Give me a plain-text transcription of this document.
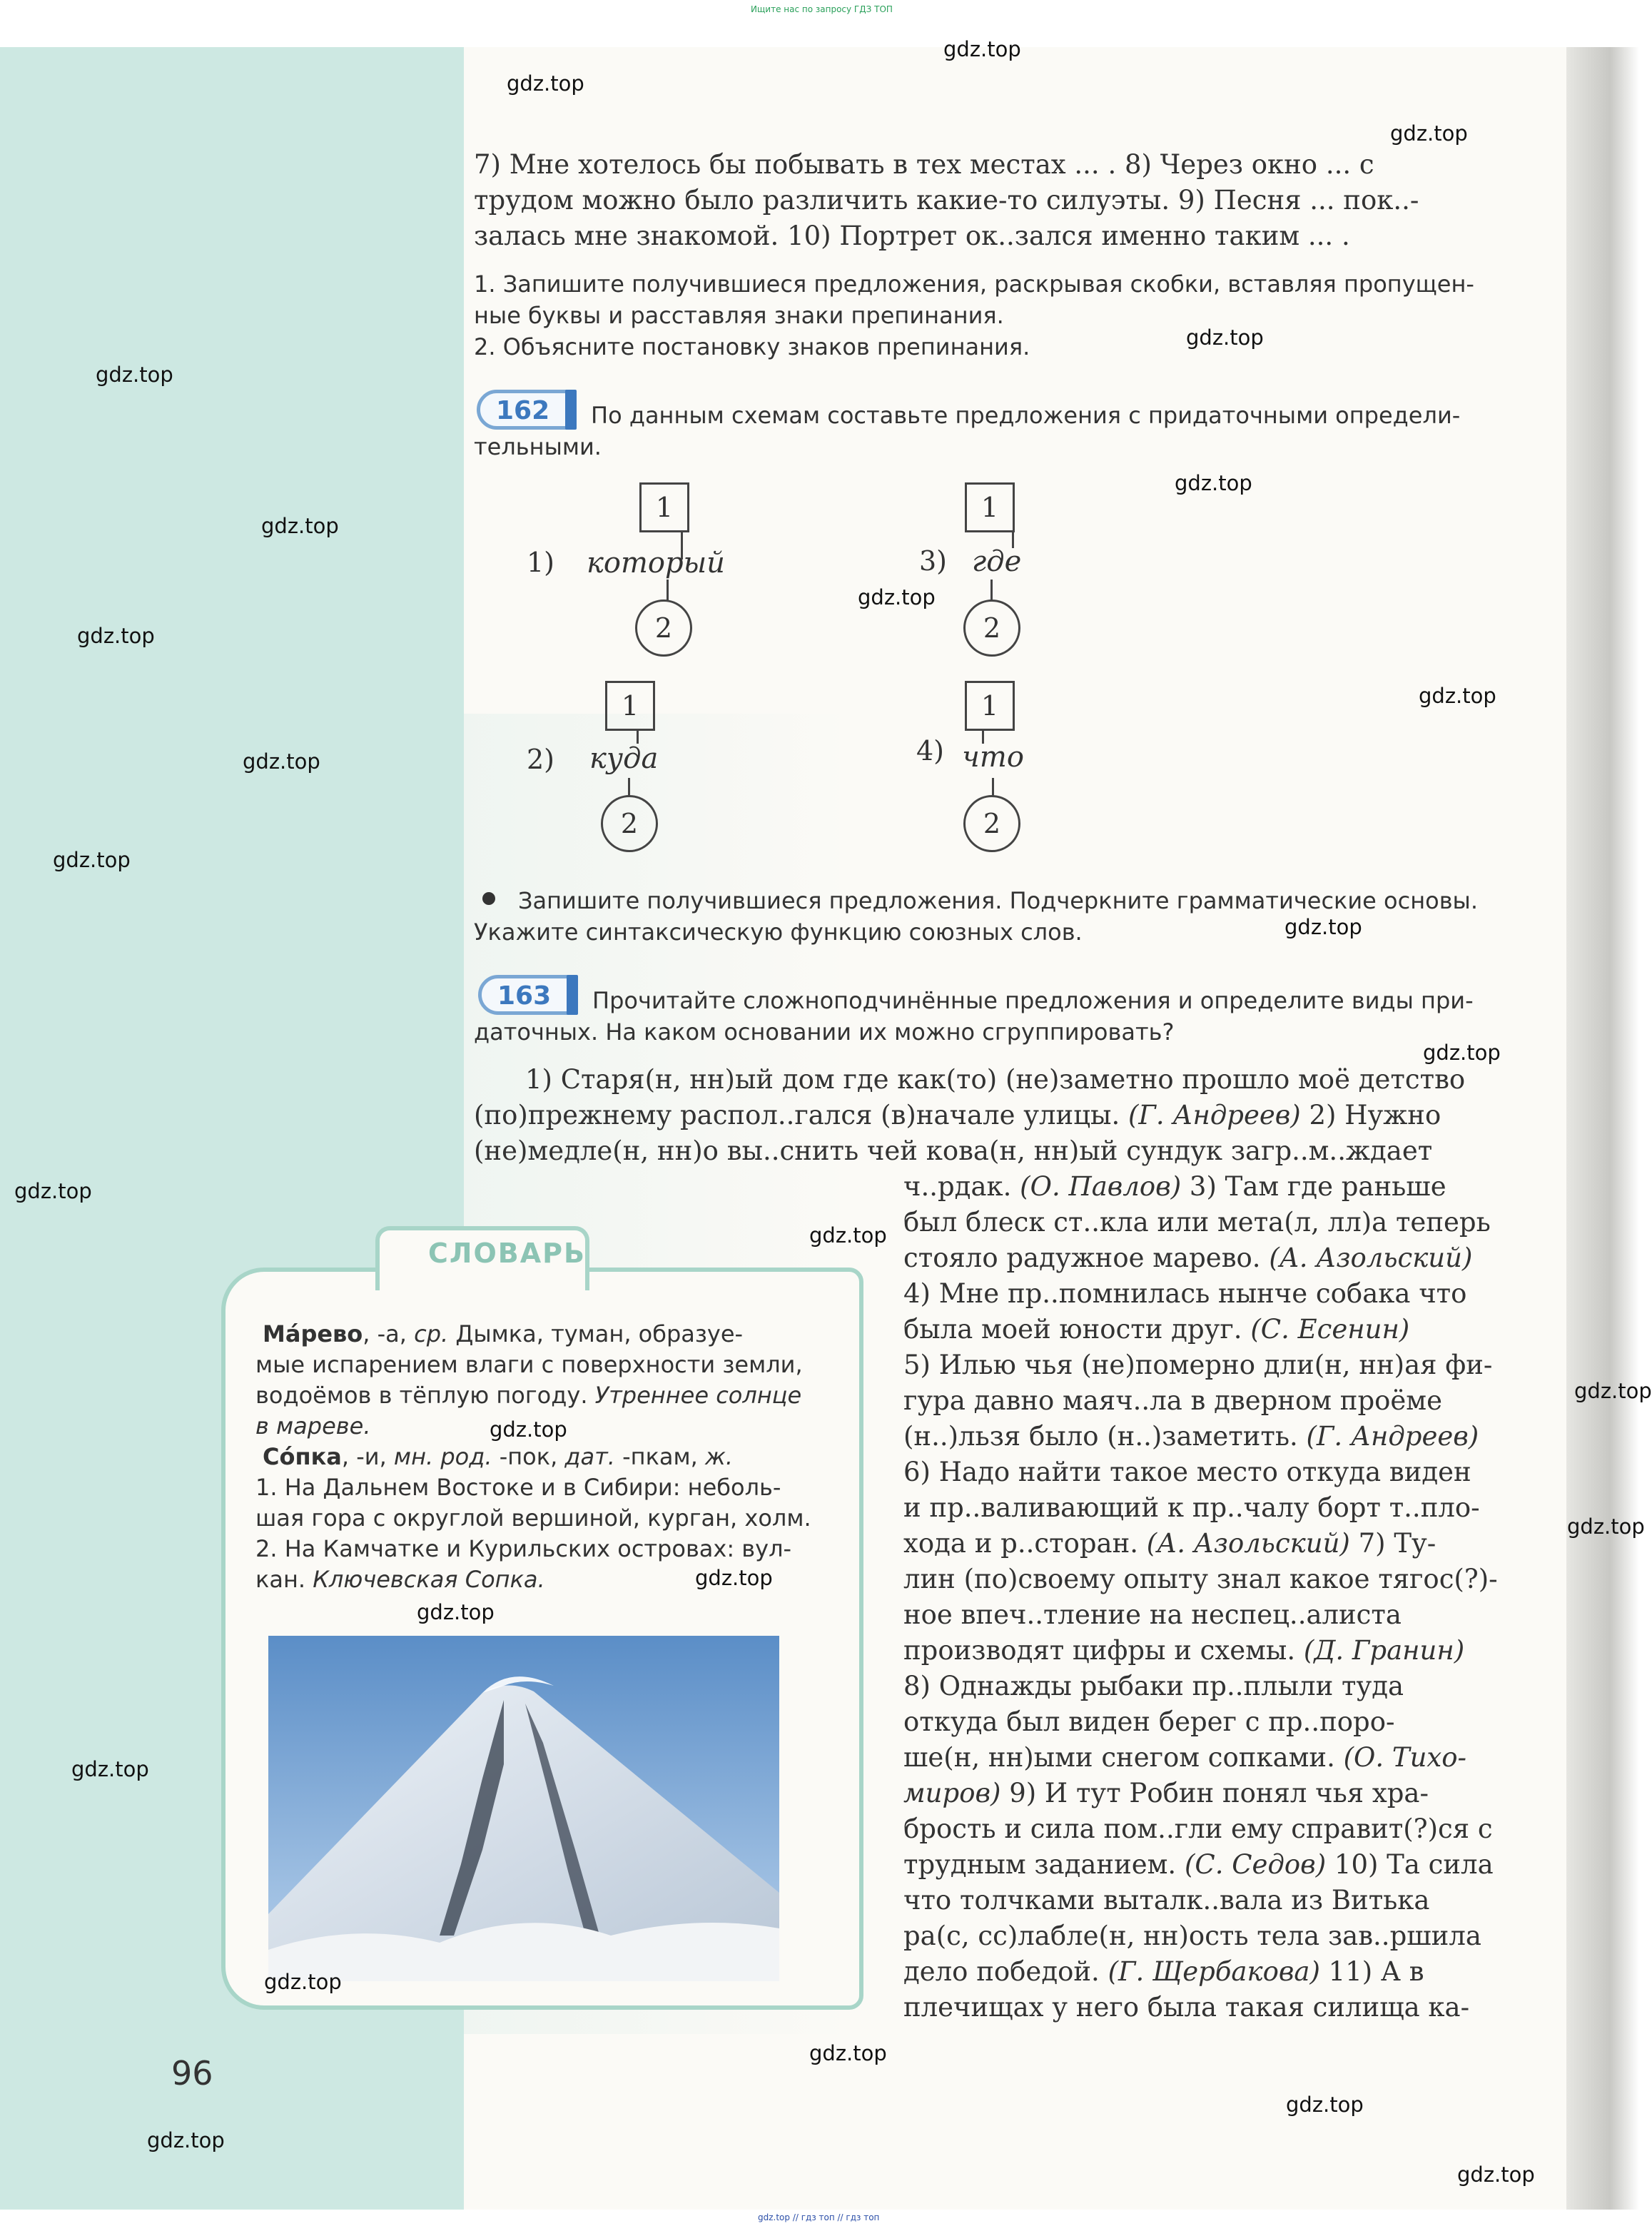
Ищите нас по запросу ГДЗ ТОП
7) Мне хотелось бы побывать в тех местах ... . 8) Через окно ... с
трудом можно было различить какие-то силуэты. 9) Песня ... пок..-
залась мне знакомой. 10) Портрет ок..зался именно таким ... .
1. Запишите получившиеся предложения, раскрывая скобки, вставляя пропущен-
ные буквы и расставляя знаки препинания.
2. Объясните постановку знаков препинания.
162 По данным схемам составьте предложения с придаточными определи-
тельными.
1)
1
который
2
2)
1
куда
2
3)
1
где
2
4)
1
что
2
Запишите получившиеся предложения. Подчеркните грамматические основы.
Укажите синтаксическую функцию союзных слов.
163 Прочитайте сложноподчинённые предложения и определите виды при-
даточных. На каком основании их можно сгруппировать?
1) Старя(н, нн)ый дом где как(то) (не)заметно прошло моё детство
(по)прежнему распол..гался (в)начале улицы. (Г. Андреев) 2) Нужно
(не)медле(н, нн)о вы..снить чей кова(н, нн)ый сундук загр..м..ждает
ч..рдак. (О. Павлов) 3) Там где раньше
был блеск ст..кла или мета(л, лл)а теперь
стояло радужное марево. (А. Азольский)
4) Мне пр..помнилась нынче собака что
была моей юности друг. (С. Есенин)
5) Илью чья (не)померно дли(н, нн)ая фи-
гура давно маяч..ла в дверном проёме
(н..)льзя было (н..)заметить. (Г. Андреев)
6) Надо найти такое место откуда виден
и пр..валивающий к пр..чалу борт т..пло-
хода и р..сторан. (А. Азольский) 7) Ту-
лин (по)своему опыту знал какое тягос(?)-
ное впеч..тление на неспец..алиста
производят цифры и схемы. (Д. Гранин)
8) Однажды рыбаки пр..плыли туда
откуда был виден берег с пр..поро-
ше(н, нн)ыми снегом сопками. (О. Тихо-
миров) 9) И тут Робин понял чья хра-
брость и сила пом..гли ему справит(?)ся с
трудным заданием. (С. Седов) 10) Та сила
что толчками выталк..вала из Витька
ра(с, сс)лабле(н, нн)ость тела зав..ршила
дело победой. (Г. Щербакова) 11) А в
плечищах у него была такая силища ка-
СЛОВАРЬ
Ма́рево, -а, ср. Дымка, туман, образуе-
мые испарением влаги с поверхности земли,
водоёмов в тёплую погоду. Утреннее солнце
в мареве.
Со́пка, -и, мн. род. -пок, дат. -пкам, ж.
1. На Дальнем Востоке и в Сибири: неболь-
шая гора с округлой вершиной, курган, холм.
2. На Камчатке и Курильских островах: вул-
кан. Ключевская Сопка.
96
gdz.top
gdz.top
gdz.top
gdz.top
gdz.top
gdz.top
gdz.top
gdz.top
gdz.top
gdz.top
gdz.top
gdz.top
gdz.top
gdz.top
gdz.top
gdz.top
gdz.top
gdz.top
gdz.top
gdz.top
gdz.top
gdz.top
gdz.top
gdz.top
gdz.top
gdz.top
gdz.top
gdz.top // гдз топ // гдз топ
